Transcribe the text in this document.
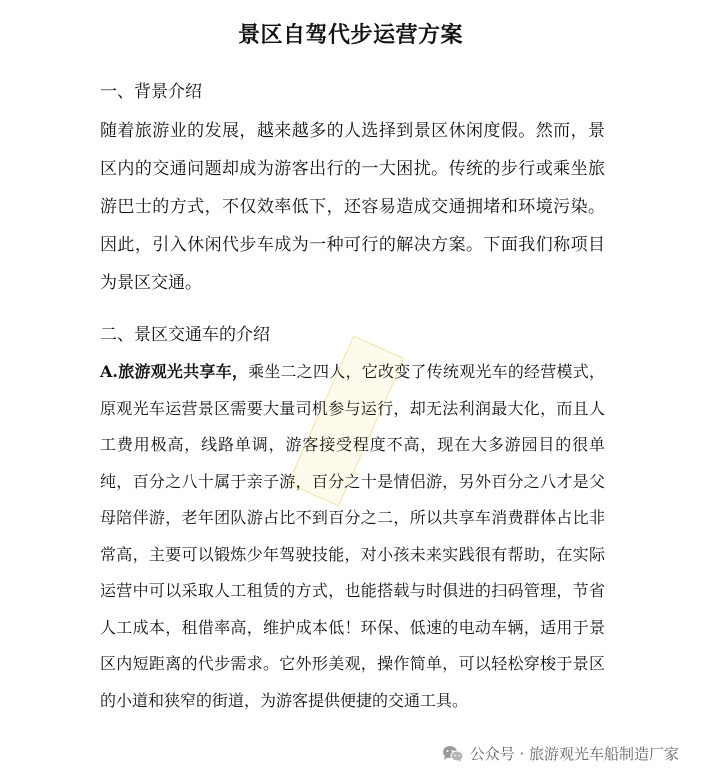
景区自驾代步运营方案
一、背景介绍

随着旅游业的发展，越来越多的人选择到景区休闲度假。然而，景区内的交通问题却成为游客出行的一大困扰。传统的步行或乘坐旅游巴士的方式，不仅效率低下，还容易造成交通拥堵和环境污染。因此，引入休闲代步车成为一种可行的解决方案。下面我们称项目为景区交通。

二、景区交通车的介绍

A.旅游观光共享车，乘坐二之四人，它改变了传统观光车的经营模式，原观光车运营景区需要大量司机参与运行，却无法利润最大化，而且人工费用极高，线路单调，游客接受程度不高，现在大多游园目的很单纯，百分之八十属于亲子游，百分之十是情侣游，另外百分之八才是父母陪伴游，老年团队游占比不到百分之二，所以共享车消费群体占比非常高，主要可以锻炼少年驾驶技能，对小孩未来实践很有帮助，在实际运营中可以采取人工租赁的方式，也能搭载与时俱进的扫码管理，节省人工成本，租借率高，维护成本低！环保、低速的电动车辆，适用于景区内短距离的代步需求。它外形美观，操作简单，可以轻松穿梭于景区的小道和狭窄的街道，为游客提供便捷的交通工具。

公众号 · 旅游观光车船制造厂家
